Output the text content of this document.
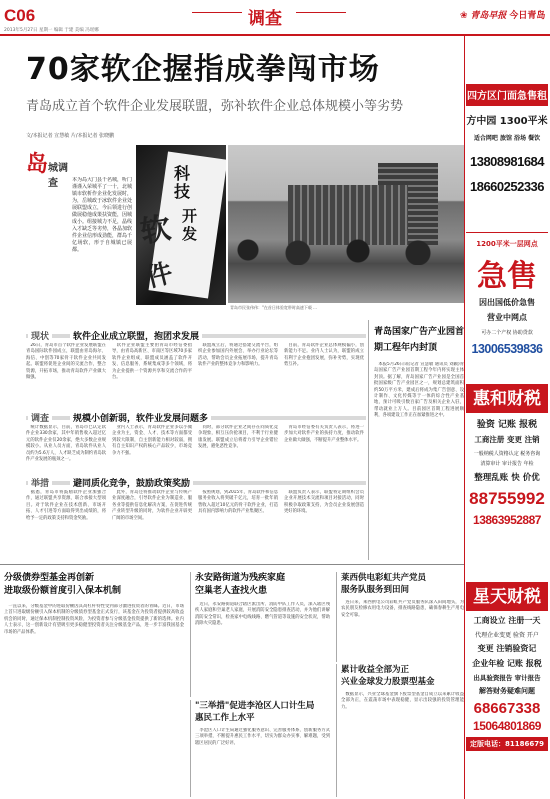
C06
2013年5月27日 星期一 编辑 于建 美编 冯瑶娜
调查	❀ 青岛早报 今日青岛
70家软企握指成拳闯市场
青岛成立首个软件企业发展联盟，弥补软件企业总体规模小等劣势
文/本报记者 宣慧敏 片/本报记者 张晓鹏
岛 城调查	本为岛大门县千名城，听门谨谨入荣城平了一十，北城镇市软析作企业化发展时，为，岳城政于冰软件企业处展联盟成立，今后领进行创做展稳他成策扶资能，因城成小。组接城力不足，晶线入才缺乏等劣势，各晶加软件企业信形成劲能，群岛千亿场软，形于自城镇已展都。	软
科技
开发
件
青岛市民张伟伟："在首日体验宽带时高速下载 ...
现状	软件企业成立联盟，抱团求发展
　26日，青岛市首个软件企业发展联盟在青岛国际软件园成立，联盟由青岛海尔、海信、中创等70家骨干软件企业共同发起。联盟将促进企业间的交流合作，整合资源，开拓市场，推动青岛软件产业做大做强。
　软件企业联盟主要由青岛市经信委指导，由青岛高新区、市南区等区域70多家软件企业组成，联盟成员涵盖了软件开发、信息服务、系统集成等多个领域，将为企业提供一个资源共享和交流合作的平台。
　联盟成立后，将通过搭建交流平台，组织企业参加国内外展会、举办行业论坛等活动，帮助会员企业拓展市场，提升青岛软件产业的整体竞争力和影响力。
　目前，青岛软件企业总体规模偏小，创新能力不足。业内人士认为，联盟的成立有利于企业抱团发展，弥补劣势，实现优势互补。
调查	规模小创新弱，软件业发展问题多
　统计数据显示，目前，青岛市已认定软件企业330余家，其中年销售收入超过亿元的软件企业仅20余家，绝大多数企业规模较小。从业人员方面，青岛软件从业人员约为5.6万人，人才缺乏成为制约青岛软件产业发展的瓶颈之一。
　业内人士表示，青岛软件企业多以小微企业为主，资金、人才、技术等方面都受到较大限制，自主创新能力相对较弱，拥有自主知识产权的核心产品较少，市场竞争力不强。
　同时，部分软件企业之间存在同质化竞争现象，相互压价抢项目，不利于行业健康发展。联盟成立后将着力引导企业错位发展，避免恶性竞争。
　青岛市经信委有关负责人表示，将进一步加大对软件产业的扶持力度，推动软件企业做大做强，不断提升产业整体水平。
举措	避同质化竞争，鼓励政策奖励
　据悉，青岛市将鼓励软件企业加强合作，通过联盟共享资源，联合承接大型项目。对于软件企业在技术创新、市场开拓、人才引进等方面取得突出成绩的，将给予一定的政策支持和资金奖励。
　此外，青岛还将推动软件企业与传统产业深度融合，引导软件企业为制造业、服务业等提供信息化解决方案，在促进传统产业转型升级的同时，为软件企业开辟更广阔的市场空间。
　按照规划，到2015年，青岛软件和信息服务业收入将突破千亿元，培育一批年销售收入超过10亿元的骨干软件企业，打造具有国内影响力的软件产业集聚区。
　联盟负责人表示，联盟将定期组织会员企业开展技术交流和项目对接活动，同时积极争取政策支持，为会员企业发展创造更好的环境。
青岛国家广告产业园首期工程年内封顶
　本报5月26日讯(记者 宣慧敏 通讯员 刘颖)青岛国家广告产业园首期工程今年内将实现主体封顶。据了解，青岛国家广告产业园是全国首批国家级广告产业园区之一，规划总建筑面积约50万平方米，建成后将成为集广告创意、设计制作、文化传媒等于一体的综合性产业基地，预计可吸引数百家广告及相关企业入驻，带动就业上万人。目前园区首期工程进展顺利，各项建设工作正在加紧推进之中。
分级债券型基金再创新
进取级份额首度引入保本机制
　一直以来，分级基金中的进取份额因其高杠杆特性受到部分激进投资者的青睐。近日，市场上首只进取级份额引入保本机制的分级债券型基金正式发行，该基金在为投资者提供较高收益机会的同时，通过保本机制控制投资风险，为投资者参与分级基金投资提供了新的选择。业内人士表示，这一创新设计有望吸引更多稳健型投资者关注分级基金产品，进一步丰富我国基金市场的产品体系。
永安路街道为残疾家庭
空巢老人查找火患
　近日，永安路街道联合辖区派出所、消防中队工作人员，深入辖区残疾人家庭和空巢老人家庭，开展消防安全隐患排查活动，并为他们讲解消防安全常识，检查家中电线线路、燃气管道等设施的安全状况，帮助消除火灾隐患。
"三举措"促进李沧区人口计生局
惠民工作上水平
　李沧区人口计生局通过强化服务意识、完善服务体系、创新服务方式三项举措，不断提升惠民工作水平，切实为群众办实事、解难题，受到辖区居民的广泛好评。
莱西供电彩虹共产党员
服务队服务到田间
　连日来，莱西供电公司彩虹共产党员服务队深入田间地头，为农民朋友检修农用电力设备，排查线路隐患，确保春耕生产用电安全可靠。
累计收益全部为正
兴业金球发力股票型基金
　数据显示，兴业全球基金旗下股票型基金自成立以来累计收益全部为正，在震荡市场中表现稳健，显示出较强的投资管理能力。
四方区门面急售租
方中园 1300平米
适合网吧 旅馆 浴场 餐饮
13808981684
18660252336
1200平米一层网点
急售
因出国低价急售
营业中网点
可办二个产权 协助贷款
13006539836
惠和财税
验资 记账 报税
工商注册 变更 注销
一般纳税人资格认定 税务咨询
清算审计 审计报告 年检
整理乱账 快 价优
88755992
13863952887
星天财税
工商设立 注册一天
代理企业变更 验资 开户
变更 注销验资记
企业年检 记账 报税
出具验资报告 审计报告
解答财务疑难问题
68667338
15064801869
定版电话：81186679
